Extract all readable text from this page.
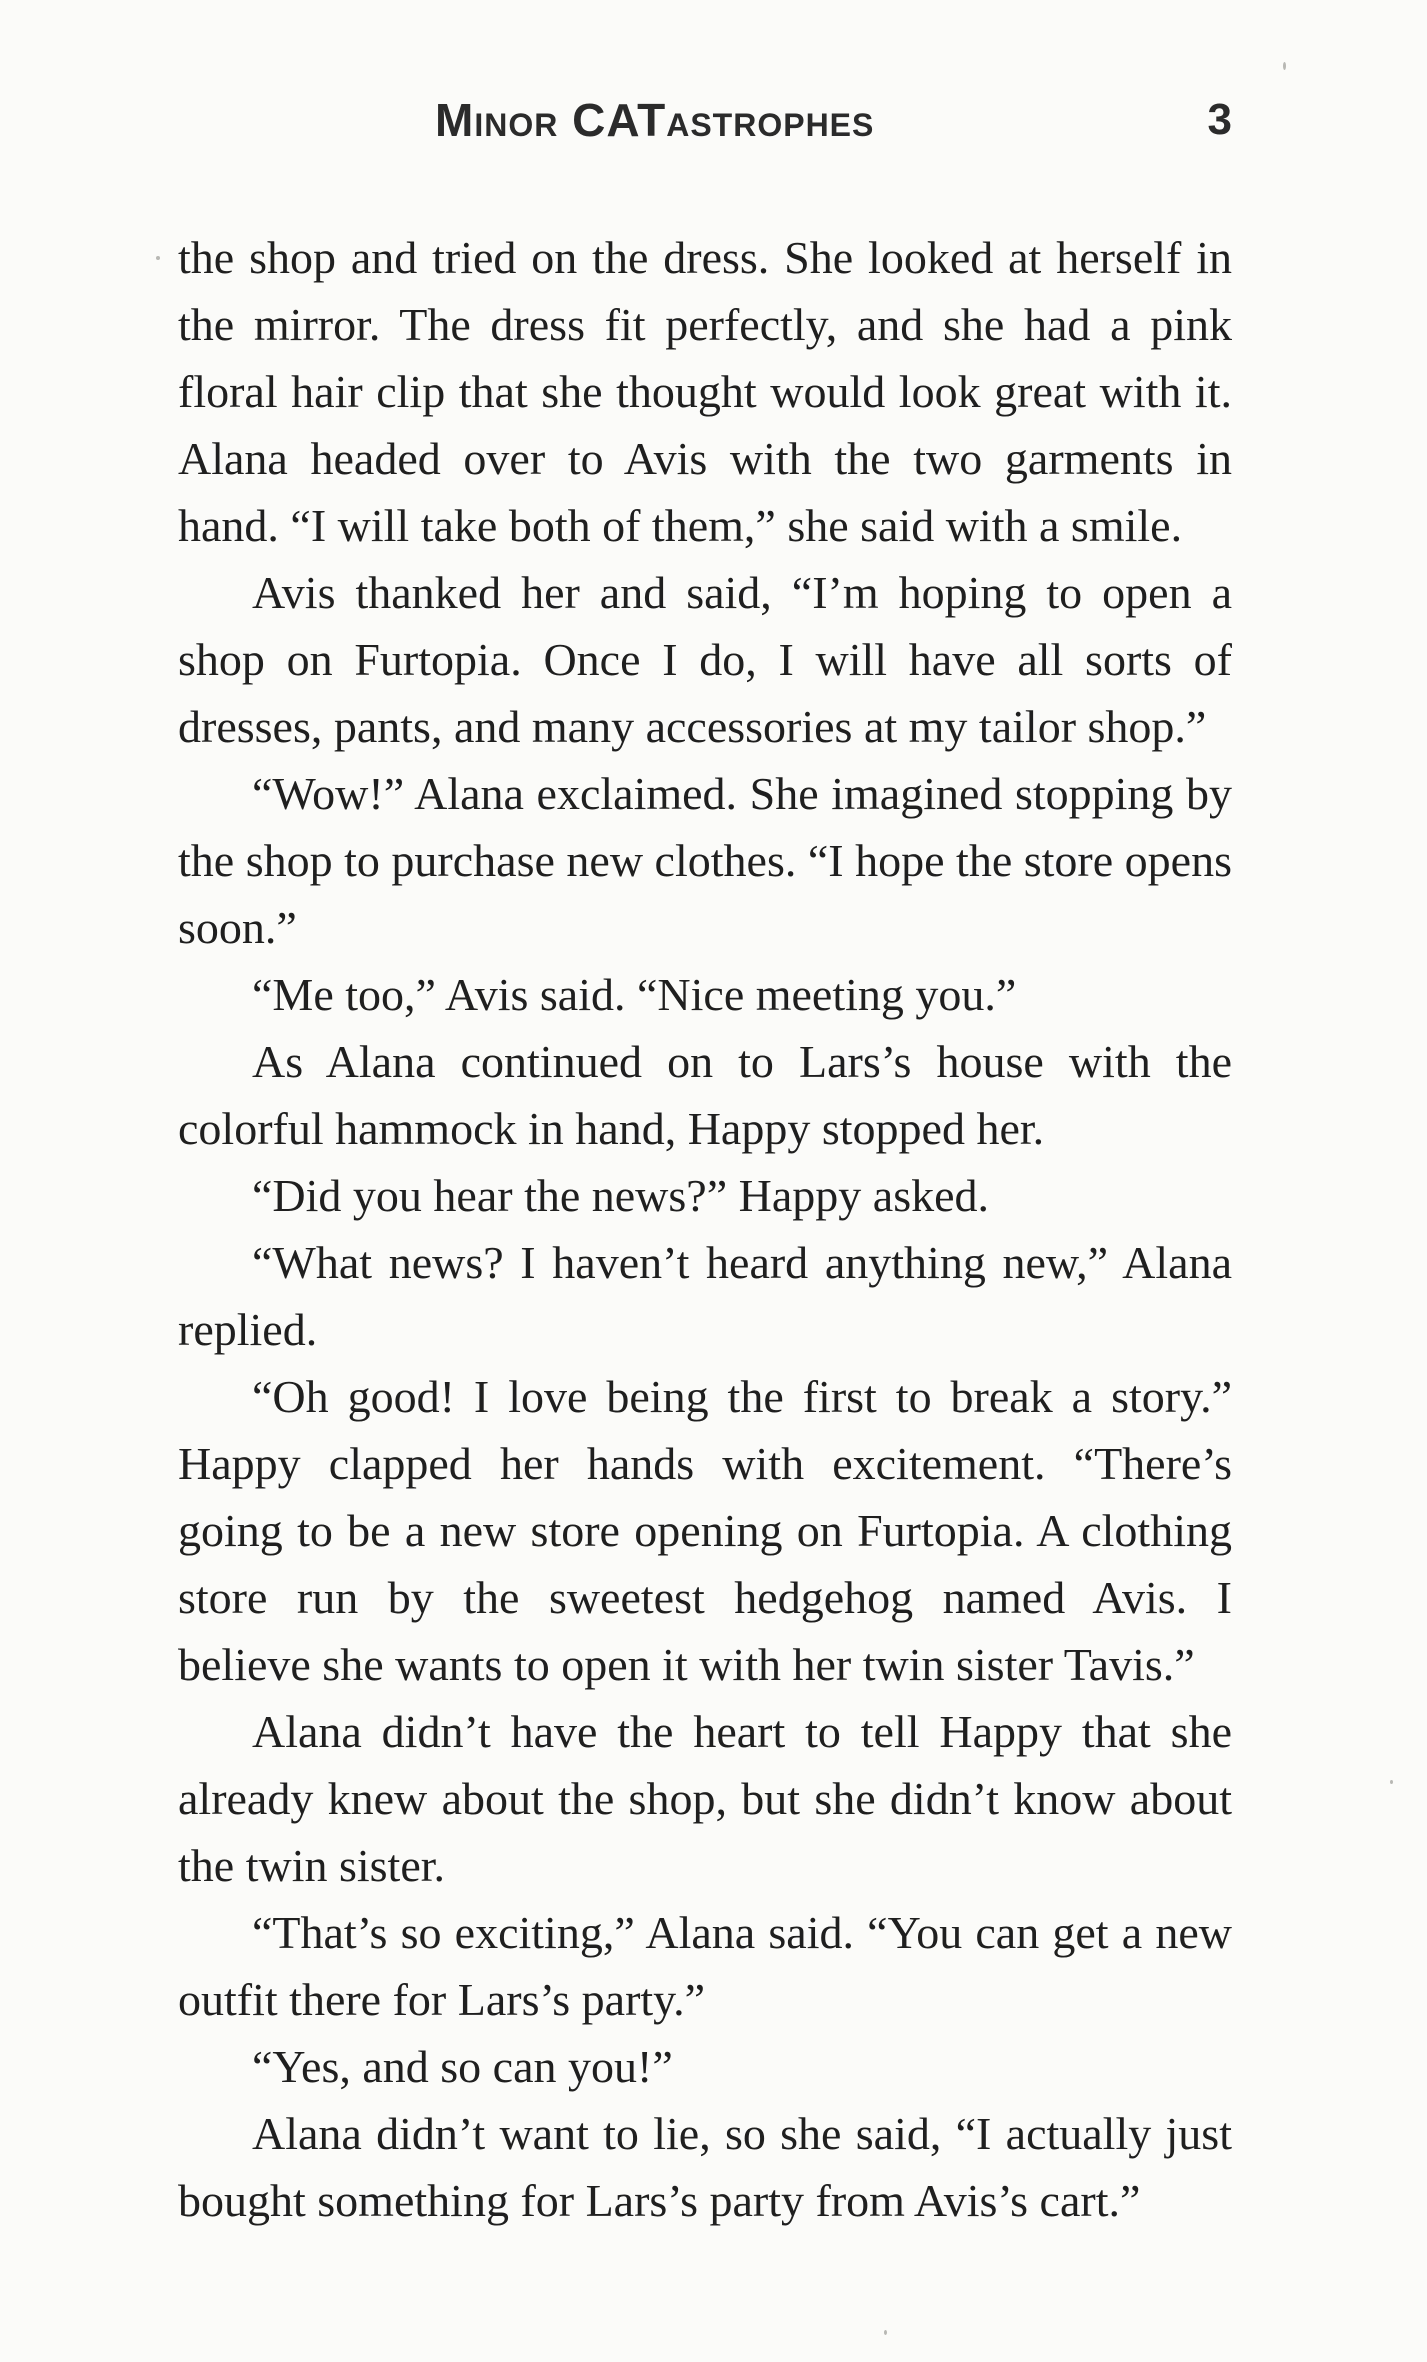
Minor CATastrophes	3

the shop and tried on the dress. She looked at herself in the mirror. The dress fit perfectly, and she had a pink floral hair clip that she thought would look great with it. Alana headed over to Avis with the two garments in hand. “I will take both of them,” she said with a smile.

Avis thanked her and said, “I’m hoping to open a shop on Furtopia. Once I do, I will have all sorts of dresses, pants, and many accessories at my tailor shop.”

“Wow!” Alana exclaimed. She imagined stopping by the shop to purchase new clothes. “I hope the store opens soon.”

“Me too,” Avis said. “Nice meeting you.”

As Alana continued on to Lars’s house with the colorful hammock in hand, Happy stopped her.

“Did you hear the news?” Happy asked.

“What news? I haven’t heard anything new,” Alana replied.

“Oh good! I love being the first to break a story.” Happy clapped her hands with excitement. “There’s going to be a new store opening on Furtopia. A clothing store run by the sweetest hedgehog named Avis. I believe she wants to open it with her twin sister Tavis.”

Alana didn’t have the heart to tell Happy that she already knew about the shop, but she didn’t know about the twin sister.

“That’s so exciting,” Alana said. “You can get a new outfit there for Lars’s party.”

“Yes, and so can you!”

Alana didn’t want to lie, so she said, “I actually just bought something for Lars’s party from Avis’s cart.”
